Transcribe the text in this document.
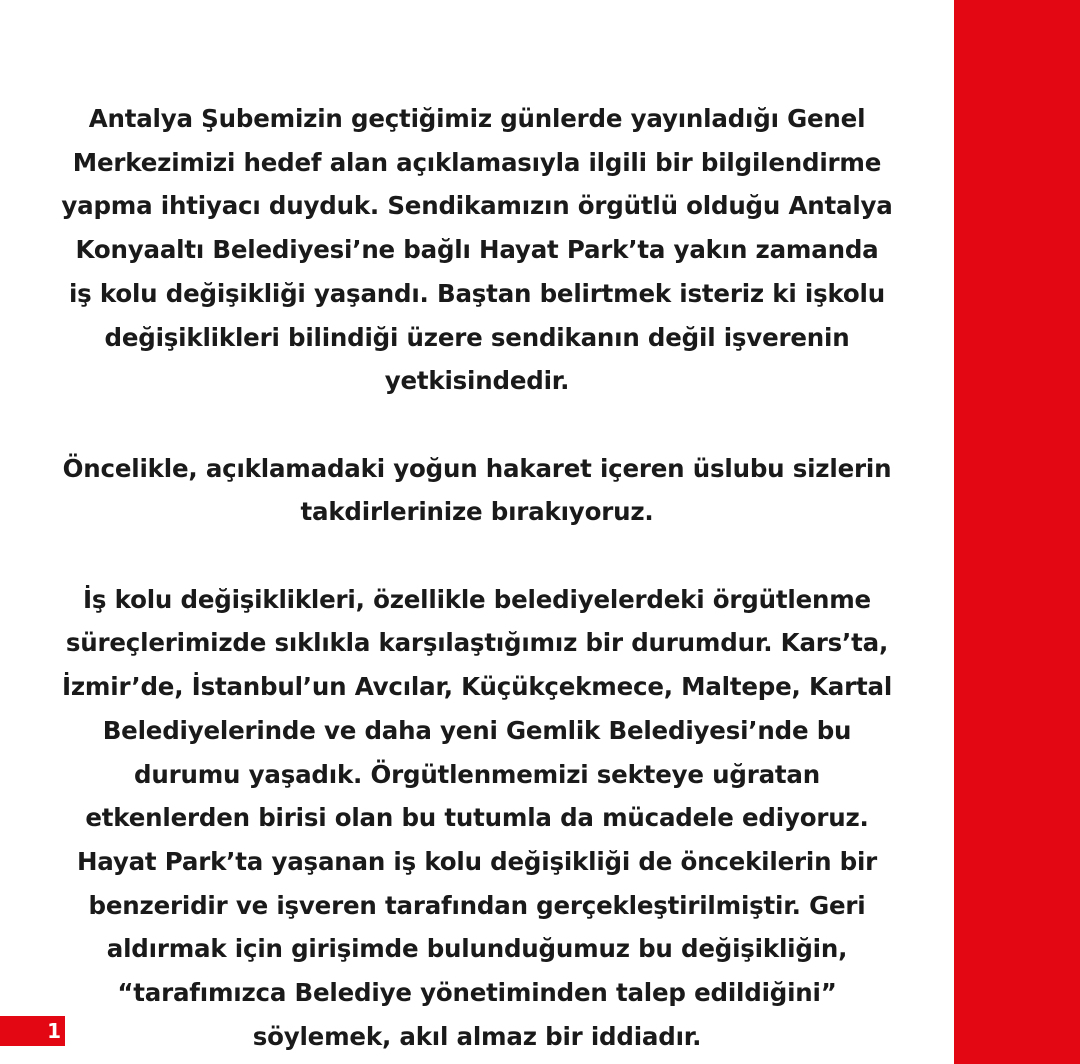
Antalya Şubemizin geçtiğimiz günlerde yayınladığı Genel
Merkezimizi hedef alan açıklamasıyla ilgili bir bilgilendirme
yapma ihtiyacı duyduk. Sendikamızın örgütlü olduğu Antalya
Konyaaltı Belediyesi’ne bağlı Hayat Park’ta yakın zamanda
iş kolu değişikliği yaşandı. Baştan belirtmek isteriz ki işkolu
değişiklikleri bilindiği üzere sendikanın değil işverenin
yetkisindedir.

Öncelikle, açıklamadaki yoğun hakaret içeren üslubu sizlerin
takdirlerinize bırakıyoruz.

İş kolu değişiklikleri, özellikle belediyelerdeki örgütlenme
süreçlerimizde sıklıkla karşılaştığımız bir durumdur. Kars’ta,
İzmir’de, İstanbul’un Avcılar, Küçükçekmece, Maltepe, Kartal
Belediyelerinde ve daha yeni Gemlik Belediyesi’nde bu
durumu yaşadık. Örgütlenmemizi sekteye uğratan
etkenlerden birisi olan bu tutumla da mücadele ediyoruz.
Hayat Park’ta yaşanan iş kolu değişikliği de öncekilerin bir
benzeridir ve işveren tarafından gerçekleştirilmiştir. Geri
aldırmak için girişimde bulunduğumuz bu değişikliğin,
“tarafımızca Belediye yönetiminden talep edildiğini”
söylemek, akıl almaz bir iddiadır.

1
